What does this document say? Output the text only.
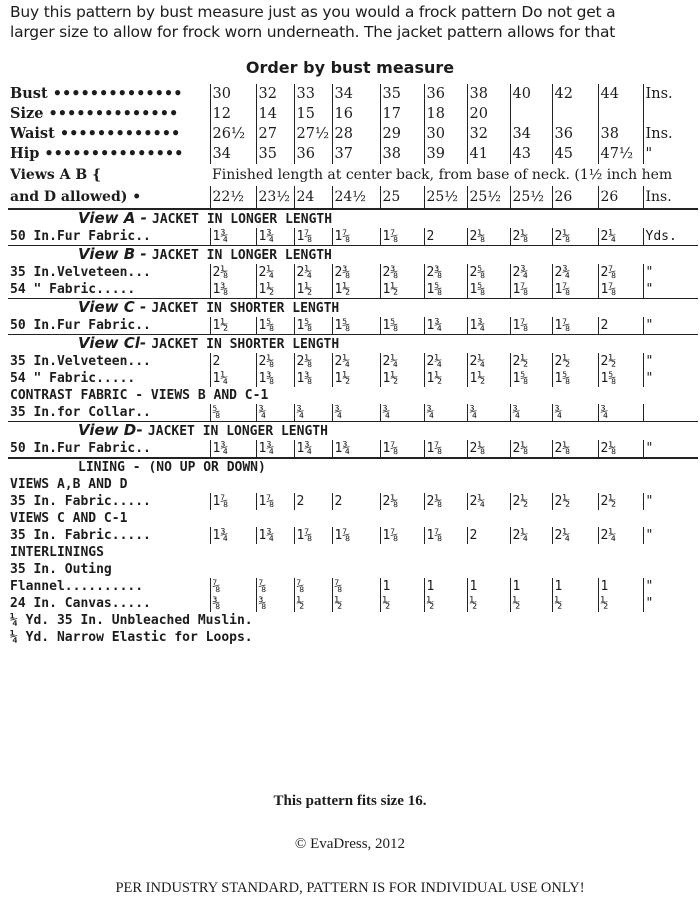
Buy this pattern by bust measure just as you would a frock pattern Do not get a
larger size to allow for frock worn underneath. The jacket pattern allows for that
Order by bust measure
Bust ••••••••••••••	30	32	33	34	35	36	38	40	42	44	Ins.
Size ••••••••••••••	12	14	15	16	17	18	20				
Waist •••••••••••••	26½	27	27½	28	29	30	32	34	36	38	Ins.
Hip •••••••••••••••	34	35	36	37	38	39	41	43	45	47½	"
Views A B {	Finished length at center back, from base of neck. (1½ inch hem										
and D allowed) •	22½	23½	24	24½	25	25½	25½	25½	26	26	Ins.
View A - JACKET IN LONGER LENGTH											
50 In.Fur Fabric..	1¾	1¾	1⅞	1⅞	1⅞	2	2⅛	2⅛	2⅛	2¼	Yds.
View B - JACKET IN LONGER LENGTH											
35 In.Velveteen...	2⅛	2¼	2¼	2⅜	2⅜	2⅜	2⅝	2¾	2¾	2⅞	"
54 " Fabric.....	1⅜	1½	1½	1½	1½	1⅝	1⅝	1⅞	1⅞	1⅞	"
View C - JACKET IN SHORTER LENGTH											
50 In.Fur Fabric..	1½	1⅝	1⅝	1⅝	1⅝	1¾	1¾	1⅞	1⅞	2	"
View Cl- JACKET IN SHORTER LENGTH											
35 In.Velveteen...	2	2⅛	2⅛	2¼	2¼	2¼	2¼	2½	2½	2½	"
54 " Fabric.....	1¼	1⅜	1⅜	1½	1½	1½	1½	1⅝	1⅝	1⅝	"
CONTRAST FABRIC - VIEWS B AND C-1											
35 In.for Collar..	⅝	¾	¾	¾	¾	¾	¾	¾	¾	¾	
View D- JACKET IN LONGER LENGTH											
50 In.Fur Fabric..	1¾	1¾	1¾	1¾	1⅞	1⅞	2⅛	2⅛	2⅛	2⅛	"
LINING - (NO UP OR DOWN)											
VIEWS A,B AND D											
35 In. Fabric.....	1⅞	1⅞	2	2	2⅛	2⅛	2¼	2½	2½	2½	"
VIEWS C AND C-1											
35 In. Fabric.....	1¾	1¾	1⅞	1⅞	1⅞	1⅞	2	2¼	2¼	2¼	"
INTERLININGS											
35 In. Outing											
Flannel..........	⅞	⅞	⅞	⅞	1	1	1	1	1	1	"
24 In. Canvas.....	⅜	⅜	½	½	½	½	½	½	½	½	"
¼ Yd. 35 In. Unbleached Muslin.											
¼ Yd. Narrow Elastic for Loops.											
This pattern fits size 16.
© EvaDress, 2012
PER INDUSTRY STANDARD, PATTERN IS FOR INDIVIDUAL USE ONLY!
